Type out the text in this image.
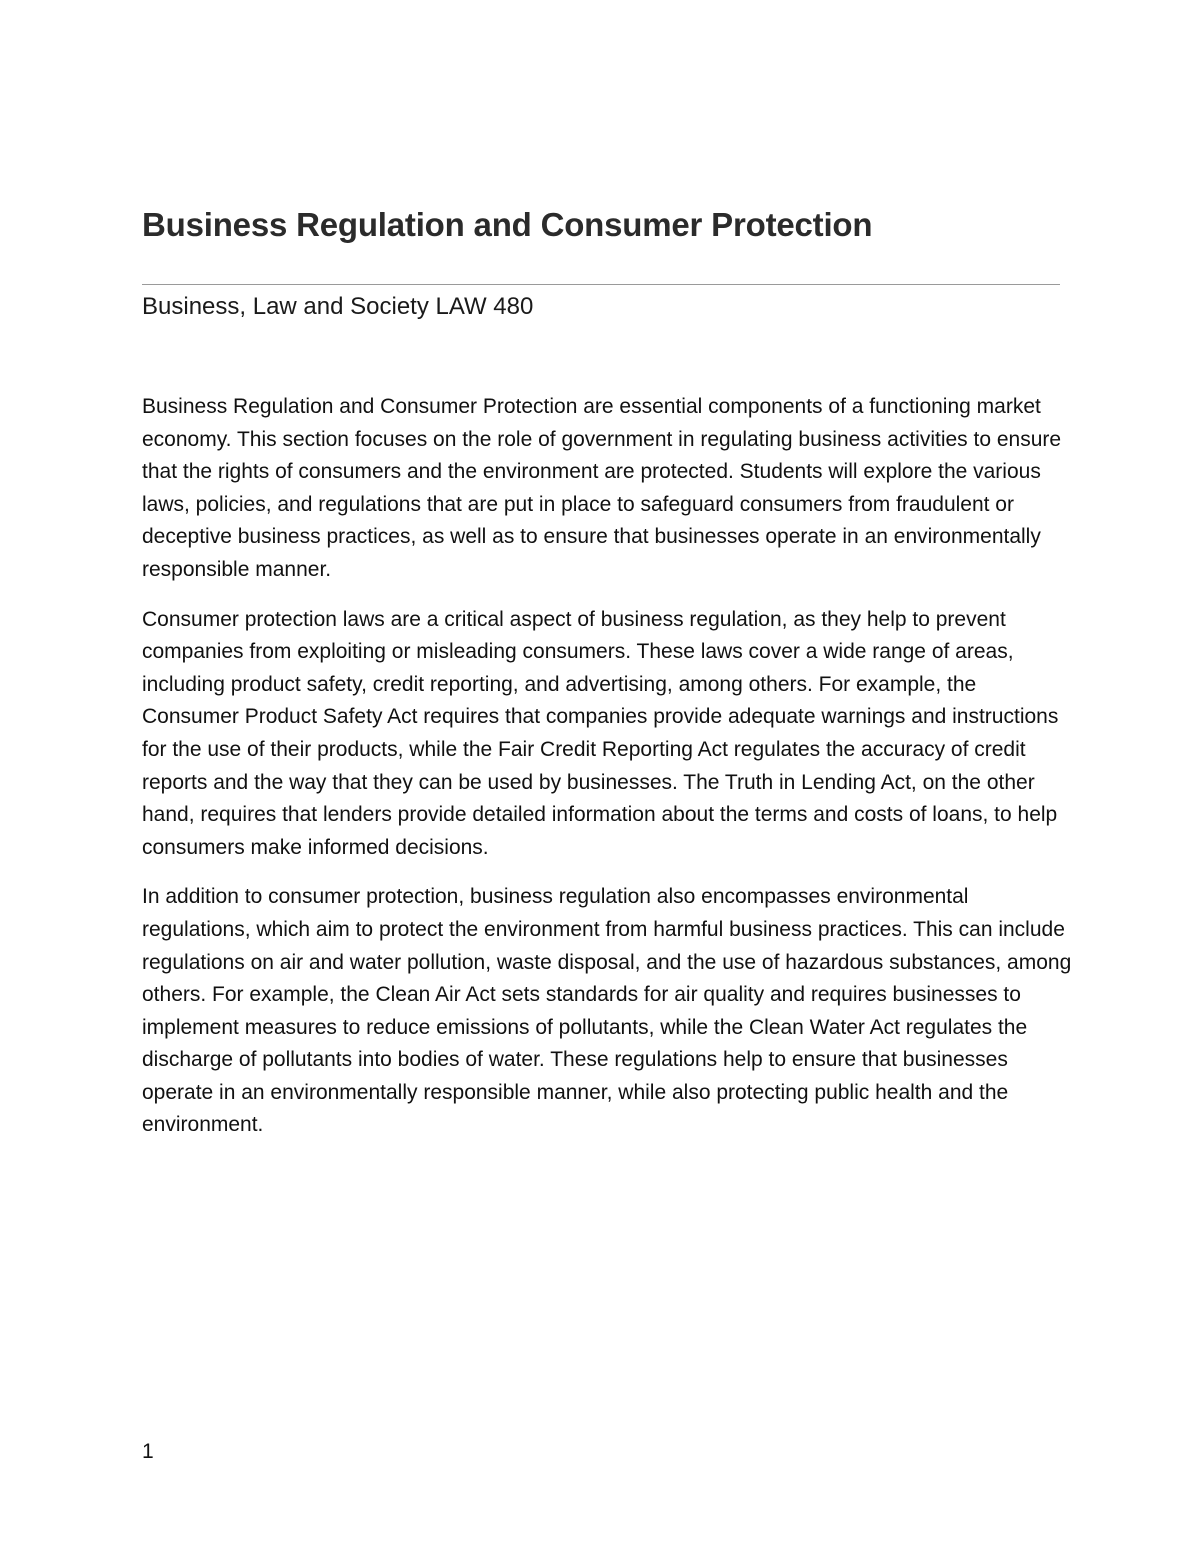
Business Regulation and Consumer Protection
Business, Law and Society LAW 480

Business Regulation and Consumer Protection are essential components of a functioning market economy. This section focuses on the role of government in regulating business activities to ensure that the rights of consumers and the environment are protected. Students will explore the various laws, policies, and regulations that are put in place to safeguard consumers from fraudulent or deceptive business practices, as well as to ensure that businesses operate in an environmentally responsible manner.

Consumer protection laws are a critical aspect of business regulation, as they help to prevent companies from exploiting or misleading consumers. These laws cover a wide range of areas, including product safety, credit reporting, and advertising, among others. For example, the Consumer Product Safety Act requires that companies provide adequate warnings and instructions for the use of their products, while the Fair Credit Reporting Act regulates the accuracy of credit reports and the way that they can be used by businesses. The Truth in Lending Act, on the other hand, requires that lenders provide detailed information about the terms and costs of loans, to help consumers make informed decisions.

In addition to consumer protection, business regulation also encompasses environmental regulations, which aim to protect the environment from harmful business practices. This can include regulations on air and water pollution, waste disposal, and the use of hazardous substances, among others. For example, the Clean Air Act sets standards for air quality and requires businesses to implement measures to reduce emissions of pollutants, while the Clean Water Act regulates the discharge of pollutants into bodies of water. These regulations help to ensure that businesses operate in an environmentally responsible manner, while also protecting public health and the environment.

1
